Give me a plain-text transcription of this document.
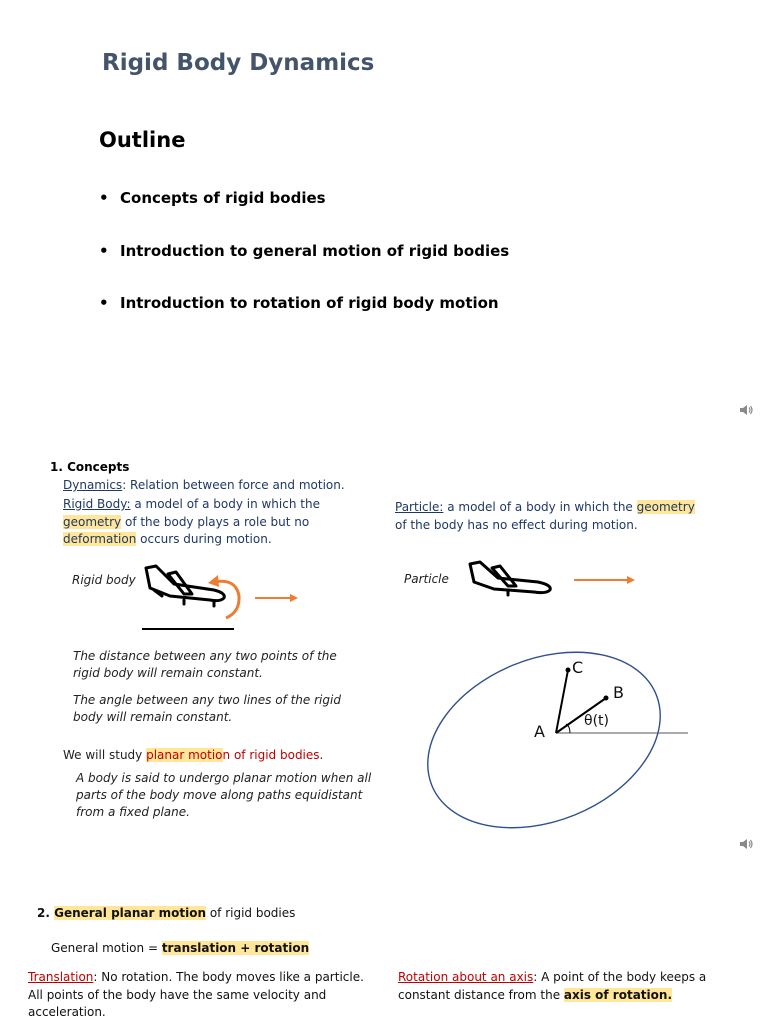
Rigid Body Dynamics
Outline
• Concepts of rigid bodies
• Introduction to general motion of rigid bodies
• Introduction to rotation of rigid body motion
1. Concepts
Dynamics: Relation between force and motion.
Rigid Body: a model of a body in which the
geometry of the body plays a role but no
deformation occurs during motion.
Particle: a model of a body in which the geometry
of the body has no effect during motion.
Rigid body	Particle
The distance between any two points of the
rigid body will remain constant.
The angle between any two lines of the rigid
body will remain constant.
We will study planar motion of rigid bodies.
A body is said to undergo planar motion when all
parts of the body move along paths equidistant
from a fixed plane.
A
B
C
θ(t)
2. General planar motion of rigid bodies
General motion = translation + rotation
Translation: No rotation. The body moves like a particle.
All points of the body have the same velocity and
acceleration.
Rotation about an axis: A point of the body keeps a
constant distance from the axis of rotation.
